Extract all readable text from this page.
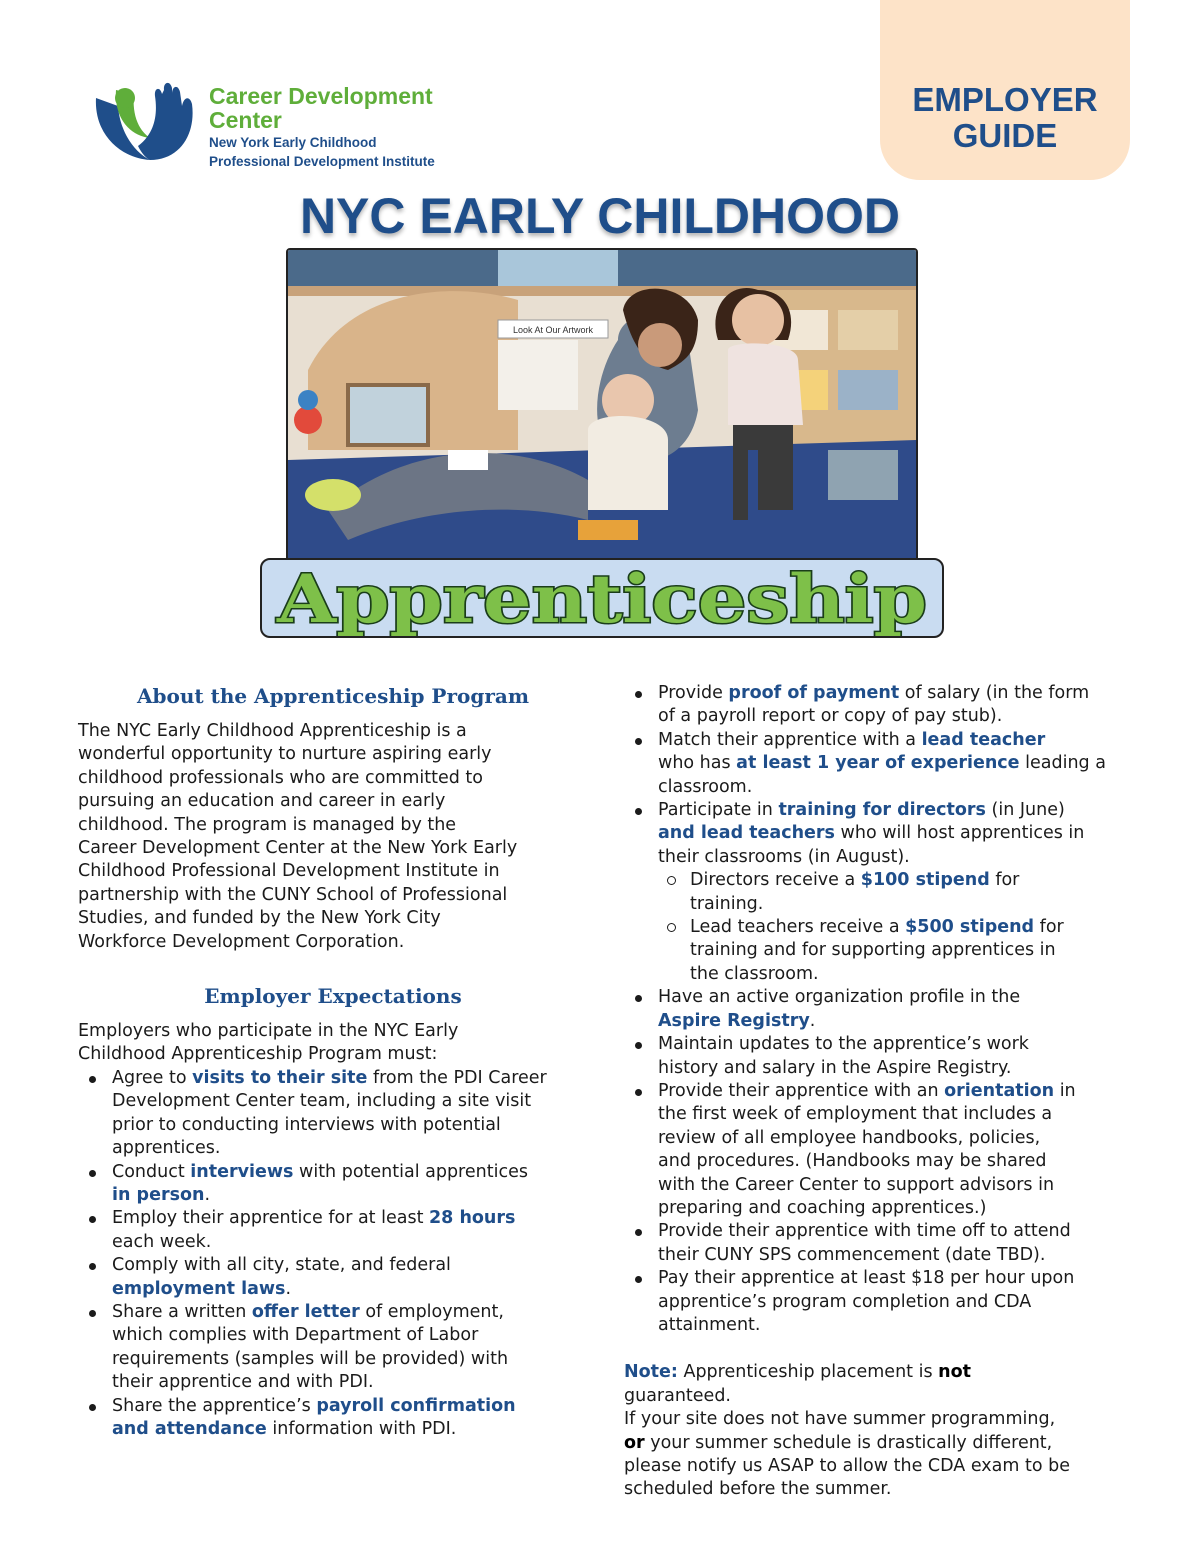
Career Development
Center
New York Early Childhood
Professional Development Institute
EMPLOYER
GUIDE
NYC EARLY CHILDHOOD
Look At Our Artwork
Apprenticeship
About the Apprenticeship Program

The NYC Early Childhood Apprenticeship is a
wonderful opportunity to nurture aspiring early
childhood professionals who are committed to
pursuing an education and career in early
childhood. The program is managed by the
Career Development Center at the New York Early
Childhood Professional Development Institute in
partnership with the CUNY School of Professional
Studies, and funded by the New York City
Workforce Development Corporation.

Employer Expectations

Employers who participate in the NYC Early
Childhood Apprenticeship Program must:

Agree to visits to their site from the PDI Career
Development Center team, including a site visit
prior to conducting interviews with potential
apprentices.
Conduct interviews with potential apprentices
in person.
Employ their apprentice for at least 28 hours
each week.
Comply with all city, state, and federal
employment laws.
Share a written offer letter of employment,
which complies with Department of Labor
requirements (samples will be provided) with
their apprentice and with PDI.
Share the apprentice’s payroll confirmation
and attendance information with PDI.
Provide proof of payment of salary (in the form
of a payroll report or copy of pay stub).
Match their apprentice with a lead teacher
who has at least 1 year of experience leading a
classroom.
Participate in training for directors (in June)
and lead teachers who will host apprentices in
their classrooms (in August).
Directors receive a $100 stipend for
training.
Lead teachers receive a $500 stipend for
training and for supporting apprentices in
the classroom.
Have an active organization profile in the
Aspire Registry.
Maintain updates to the apprentice’s work
history and salary in the Aspire Registry.
Provide their apprentice with an orientation in
the first week of employment that includes a
review of all employee handbooks, policies,
and procedures. (Handbooks may be shared
with the Career Center to support advisors in
preparing and coaching apprentices.)
Provide their apprentice with time off to attend
their CUNY SPS commencement (date TBD).
Pay their apprentice at least $18 per hour upon
apprentice’s program completion and CDA
attainment.
Note: Apprenticeship placement is not
guaranteed.
If your site does not have summer programming,
or your summer schedule is drastically different,
please notify us ASAP to allow the CDA exam to be
scheduled before the summer.
